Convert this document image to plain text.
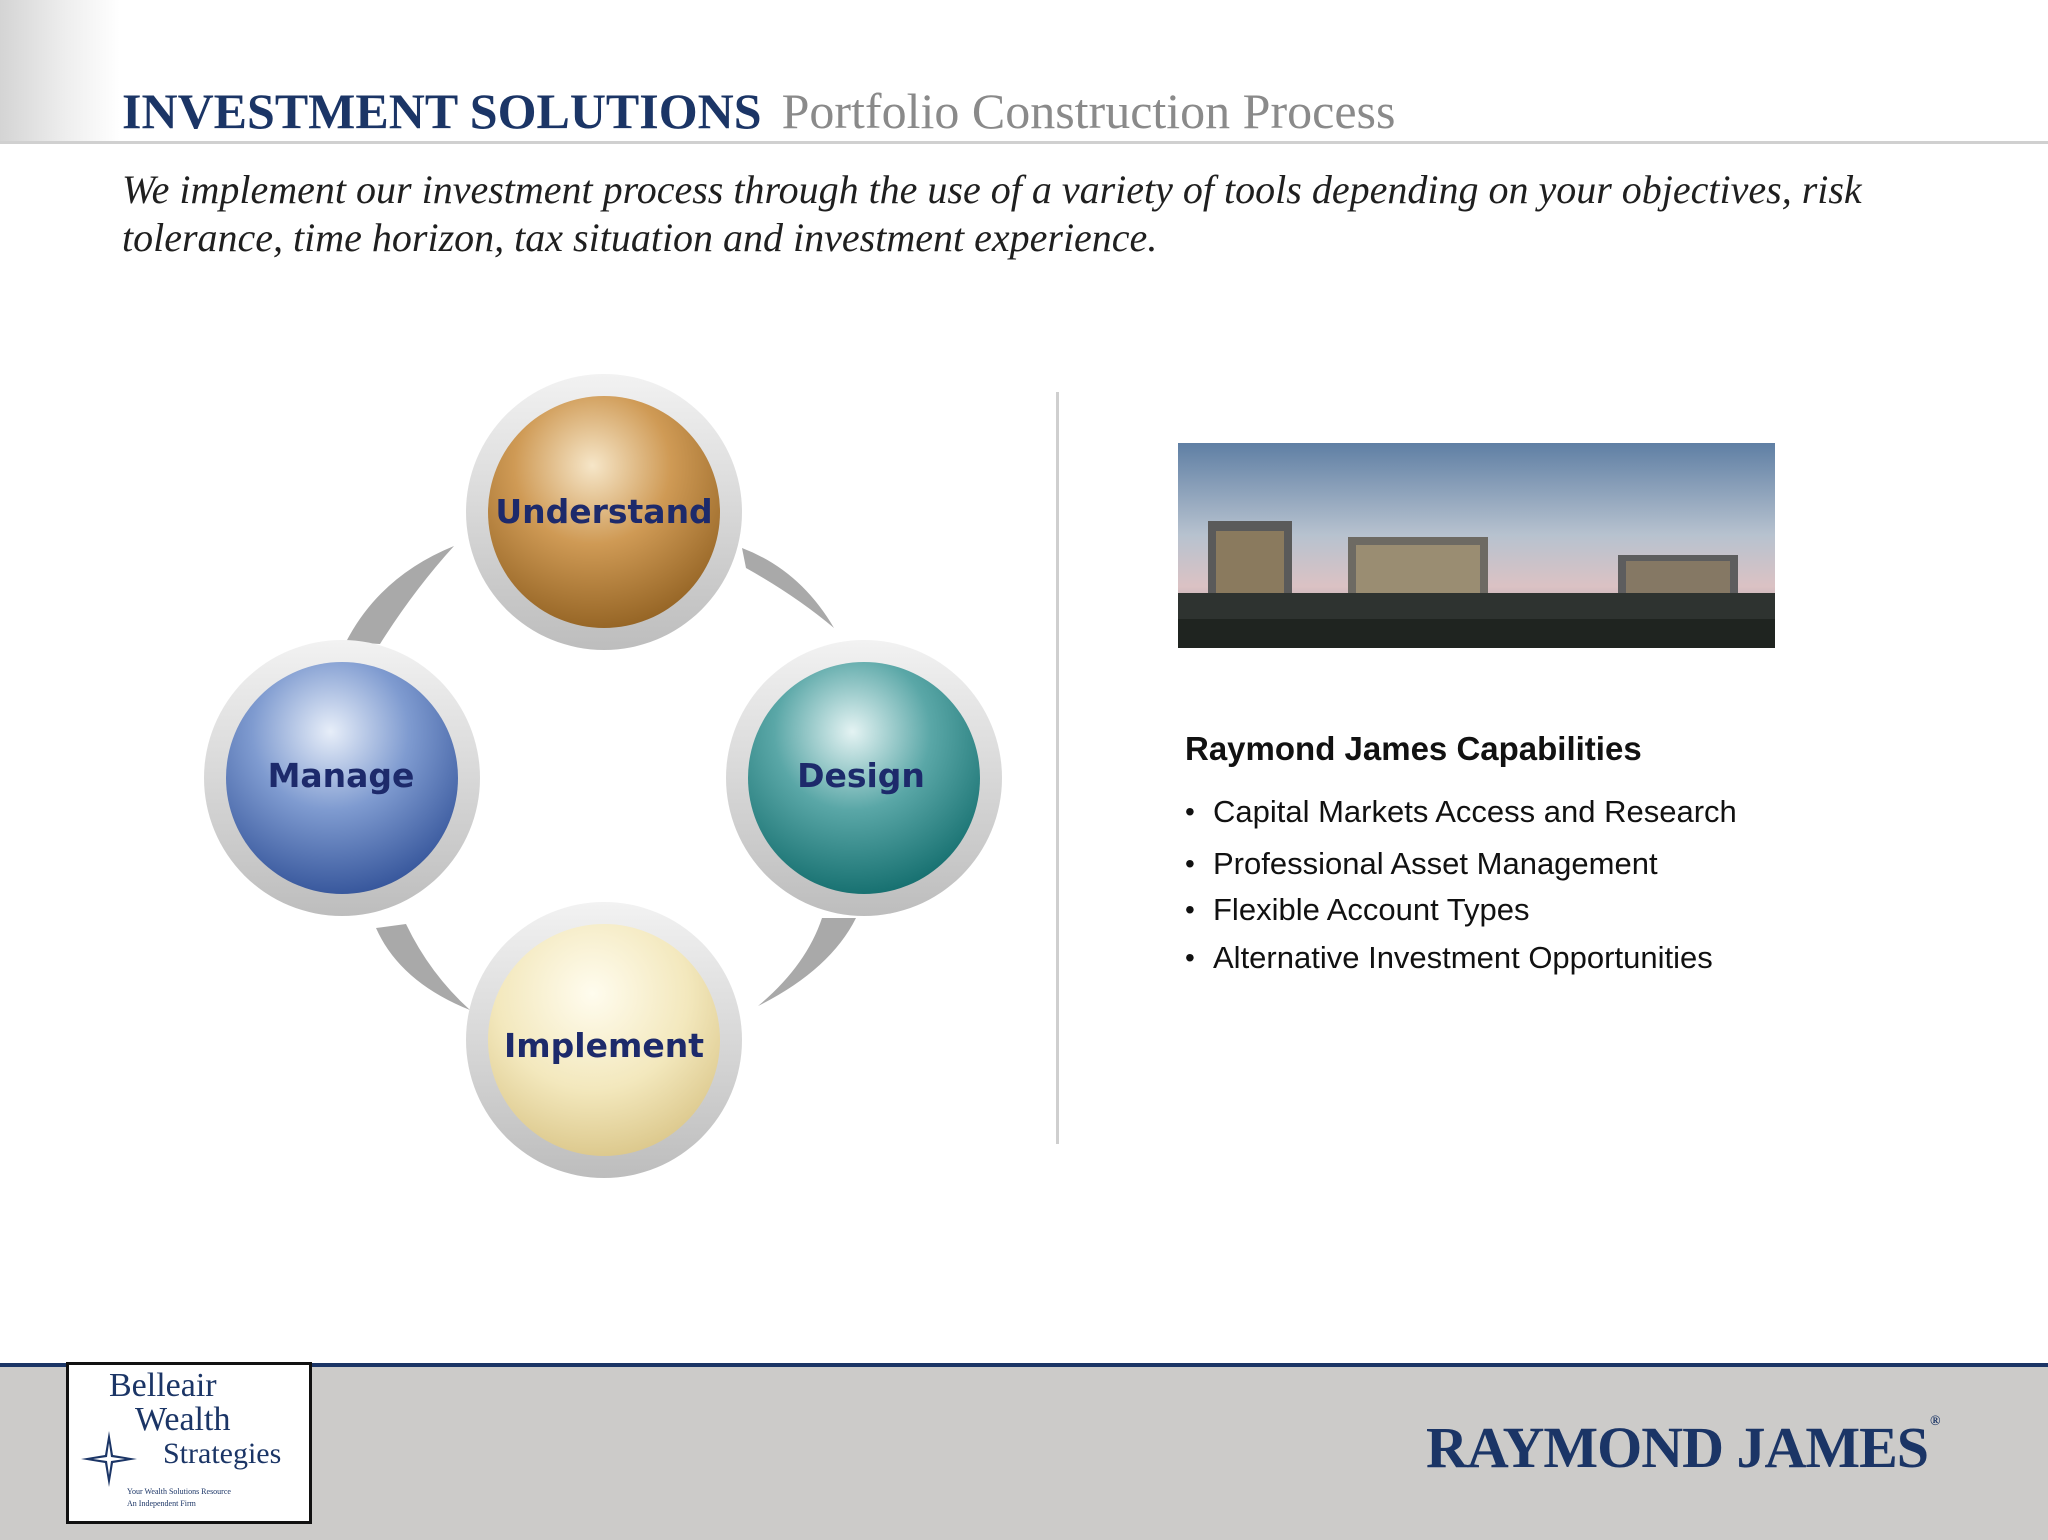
INVESTMENT SOLUTIONS Portfolio Construction Process
We implement our investment process through the use of a variety of tools depending on your objectives, risk tolerance, time horizon, tax situation and investment experience.
Understand
Design
Implement
Manage
Raymond James Capabilities
• Capital Markets Access and Research
• Professional Asset Management
• Flexible Account Types
• Alternative Investment Opportunities
Belleair
Wealth
Strategies
Your Wealth Solutions Resource
An Independent Firm
RAYMOND JAMES ®
